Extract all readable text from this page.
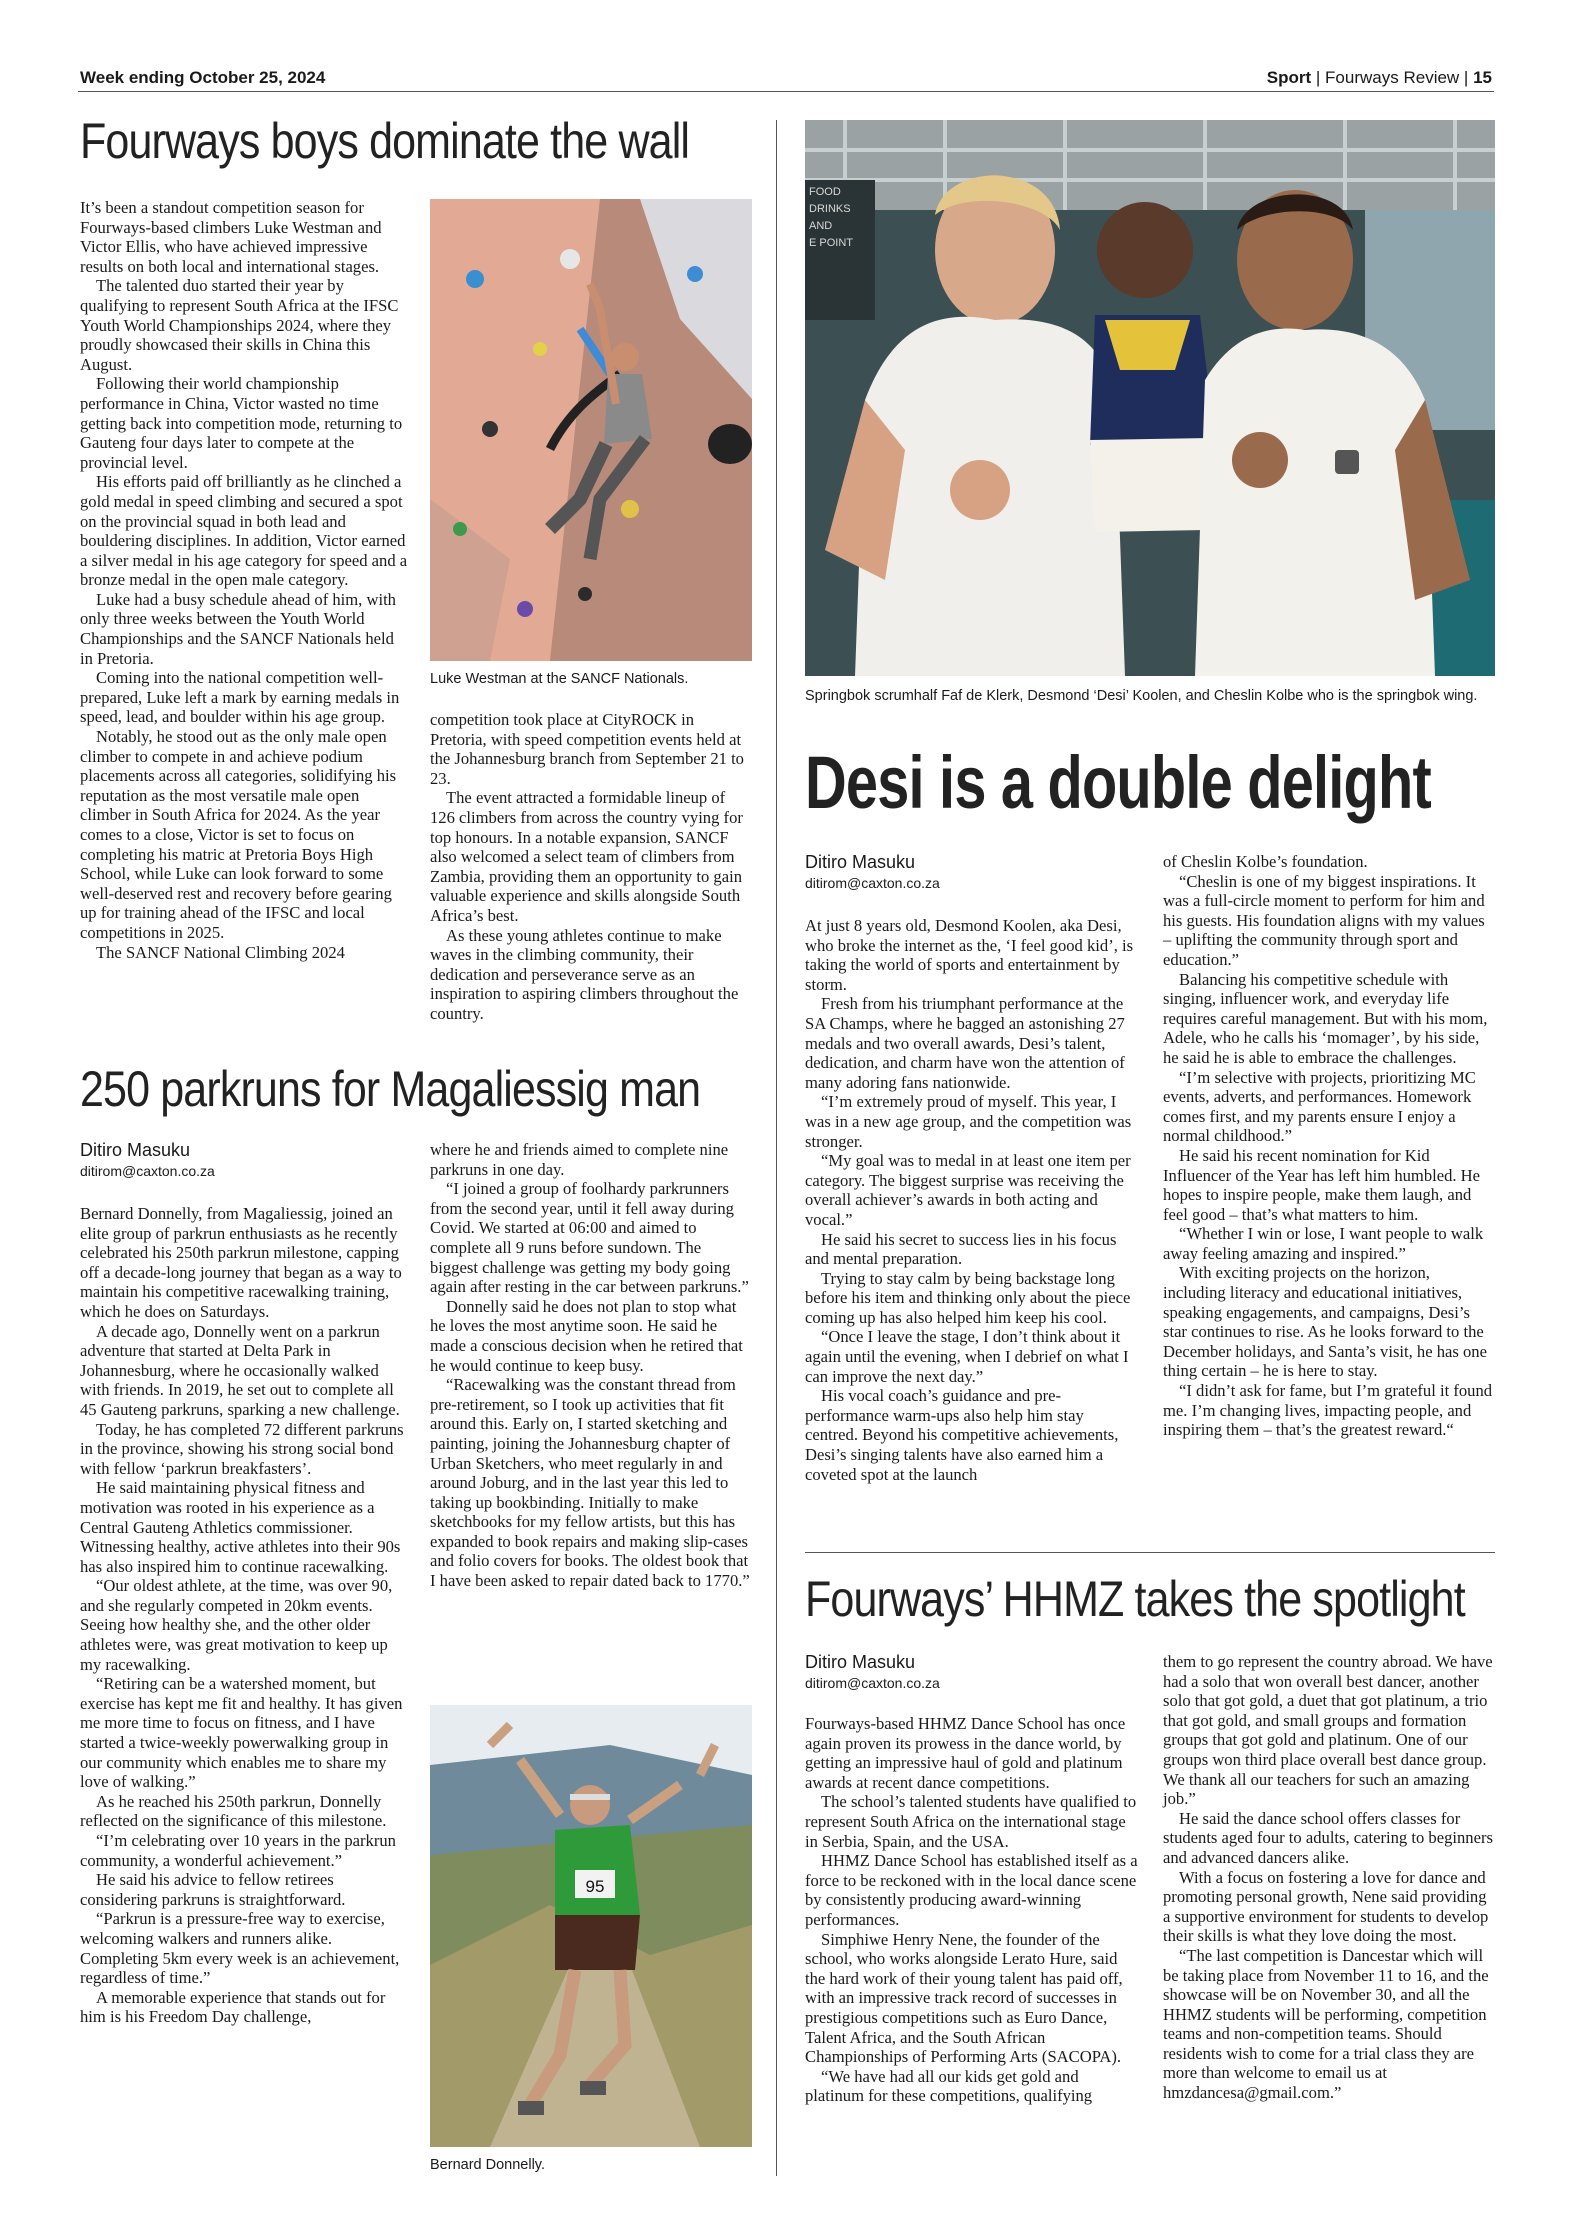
Week ending October 25, 2024	Sport | Fourways Review | 15
Fourways boys dominate the wall

It’s been a standout competition season for Fourways-based climbers Luke Westman and Victor Ellis, who have achieved impressive results on both local and international stages.

The talented duo started their year by qualifying to represent South Africa at the IFSC Youth World Championships 2024, where they proudly showcased their skills in China this August.

Following their world championship performance in China, Victor wasted no time getting back into competition mode, returning to Gauteng four days later to compete at the provincial level.

His efforts paid off brilliantly as he clinched a gold medal in speed climbing and secured a spot on the provincial squad in both lead and bouldering disciplines. In addition, Victor earned a silver medal in his age category for speed and a bronze medal in the open male category.

Luke had a busy schedule ahead of him, with only three weeks between the Youth World Championships and the SANCF Nationals held in Pretoria.

Coming into the national competition well-prepared, Luke left a mark by earning medals in speed, lead, and boulder within his age group.

Notably, he stood out as the only male open climber to compete in and achieve podium placements across all categories, solidifying his reputation as the most versatile male open climber in South Africa for 2024. As the year comes to a close, Victor is set to focus on completing his matric at Pretoria Boys High School, while Luke can look forward to some well-deserved rest and recovery before gearing up for training ahead of the IFSC and local competitions in 2025.

The SANCF National Climbing 2024

Luke Westman at the SANCF Nationals.

competition took place at CityROCK in Pretoria, with speed competition events held at the Johannesburg branch from September 21 to 23.

The event attracted a formidable lineup of 126 climbers from across the country vying for top honours. In a notable expansion, SANCF also welcomed a select team of climbers from Zambia, providing them an opportunity to gain valuable experience and skills alongside South Africa’s best.

As these young athletes continue to make waves in the climbing community, their dedication and perseverance serve as an inspiration to aspiring climbers throughout the country.

250 parkruns for Magaliessig man
Ditiro Masuku
ditirom@caxton.co.za

Bernard Donnelly, from Magaliessig, joined an elite group of parkrun enthusiasts as he recently celebrated his 250th parkrun milestone, capping off a decade-long journey that began as a way to maintain his competitive racewalking training, which he does on Saturdays.

A decade ago, Donnelly went on a parkrun adventure that started at Delta Park in Johannesburg, where he occasionally walked with friends. In 2019, he set out to complete all 45 Gauteng parkruns, sparking a new challenge.

Today, he has completed 72 different parkruns in the province, showing his strong social bond with fellow ‘parkrun breakfasters’.

He said maintaining physical fitness and motivation was rooted in his experience as a Central Gauteng Athletics commissioner. Witnessing healthy, active athletes into their 90s has also inspired him to continue racewalking.

“Our oldest athlete, at the time, was over 90, and she regularly competed in 20km events. Seeing how healthy she, and the other older athletes were, was great motivation to keep up my racewalking.

“Retiring can be a watershed moment, but exercise has kept me fit and healthy. It has given me more time to focus on fitness, and I have started a twice-weekly powerwalking group in our community which enables me to share my love of walking.”

As he reached his 250th parkrun, Donnelly reflected on the significance of this milestone.

“I’m celebrating over 10 years in the parkrun community, a wonderful achievement.”

He said his advice to fellow retirees considering parkruns is straightforward.

“Parkrun is a pressure-free way to exercise, welcoming walkers and runners alike. Completing 5km every week is an achievement, regardless of time.”

A memorable experience that stands out for him is his Freedom Day challenge,

where he and friends aimed to complete nine parkruns in one day.

“I joined a group of foolhardy parkrunners from the second year, until it fell away during Covid. We started at 06:00 and aimed to complete all 9 runs before sundown. The biggest challenge was getting my body going again after resting in the car between parkruns.”

Donnelly said he does not plan to stop what he loves the most anytime soon. He said he made a conscious decision when he retired that he would continue to keep busy.

“Racewalking was the constant thread from pre-retirement, so I took up activities that fit around this. Early on, I started sketching and painting, joining the Johannesburg chapter of Urban Sketchers, who meet regularly in and around Joburg, and in the last year this led to taking up bookbinding. Initially to make sketchbooks for my fellow artists, but this has expanded to book repairs and making slip-cases and folio covers for books. The oldest book that I have been asked to repair dated back to 1770.”

95
Bernard Donnelly.
FOOD DRINKS AND E POINT
Springbok scrumhalf Faf de Klerk, Desmond ‘Desi’ Koolen, and Cheslin Kolbe who is the springbok wing.
Desi is a double delight
Ditiro Masuku
ditirom@caxton.co.za

At just 8 years old, Desmond Koolen, aka Desi, who broke the internet as the, ‘I feel good kid’, is taking the world of sports and entertainment by storm.

Fresh from his triumphant performance at the SA Champs, where he bagged an astonishing 27 medals and two overall awards, Desi’s talent, dedication, and charm have won the attention of many adoring fans nationwide.

“I’m extremely proud of myself. This year, I was in a new age group, and the competition was stronger.

“My goal was to medal in at least one item per category. The biggest surprise was receiving the overall achiever’s awards in both acting and vocal.”

He said his secret to success lies in his focus and mental preparation.

Trying to stay calm by being backstage long before his item and thinking only about the piece coming up has also helped him keep his cool.

“Once I leave the stage, I don’t think about it again until the evening, when I debrief on what I can improve the next day.”

His vocal coach’s guidance and pre-performance warm-ups also help him stay centred. Beyond his competitive achievements, Desi’s singing talents have also earned him a coveted spot at the launch

of Cheslin Kolbe’s foundation.

“Cheslin is one of my biggest inspirations. It was a full-circle moment to perform for him and his guests. His foundation aligns with my values – uplifting the community through sport and education.”

Balancing his competitive schedule with singing, influencer work, and everyday life requires careful management. But with his mom, Adele, who he calls his ‘momager’, by his side, he said he is able to embrace the challenges.

“I’m selective with projects, prioritizing MC events, adverts, and performances. Homework comes first, and my parents ensure I enjoy a normal childhood.”

He said his recent nomination for Kid Influencer of the Year has left him humbled. He hopes to inspire people, make them laugh, and feel good – that’s what matters to him.

“Whether I win or lose, I want people to walk away feeling amazing and inspired.”

With exciting projects on the horizon, including literacy and educational initiatives, speaking engagements, and campaigns, Desi’s star continues to rise. As he looks forward to the December holidays, and Santa’s visit, he has one thing certain – he is here to stay.

“I didn’t ask for fame, but I’m grateful it found me. I’m changing lives, impacting people, and inspiring them – that’s the greatest reward.“

Fourways’ HHMZ takes the spotlight
Ditiro Masuku
ditirom@caxton.co.za

Fourways-based HHMZ Dance School has once again proven its prowess in the dance world, by getting an impressive haul of gold and platinum awards at recent dance competitions.

The school’s talented students have qualified to represent South Africa on the international stage in Serbia, Spain, and the USA.

HHMZ Dance School has established itself as a force to be reckoned with in the local dance scene by consistently producing award-winning performances.

Simphiwe Henry Nene, the founder of the school, who works alongside Lerato Hure, said the hard work of their young talent has paid off, with an impressive track record of successes in prestigious competitions such as Euro Dance, Talent Africa, and the South African Championships of Performing Arts (SACOPA).

“We have had all our kids get gold and platinum for these competitions, qualifying

them to go represent the country abroad. We have had a solo that won overall best dancer, another solo that got gold, a duet that got platinum, a trio that got gold, and small groups and formation groups that got gold and platinum. One of our groups won third place overall best dance group. We thank all our teachers for such an amazing job.”

He said the dance school offers classes for students aged four to adults, catering to beginners and advanced dancers alike.

With a focus on fostering a love for dance and promoting personal growth, Nene said providing a supportive environment for students to develop their skills is what they love doing the most.

“The last competition is Dancestar which will be taking place from November 11 to 16, and the showcase will be on November 30, and all the HHMZ students will be performing, competition teams and non-competition teams. Should residents wish to come for a trial class they are more than welcome to email us at hmzdancesa@gmail.com.”
